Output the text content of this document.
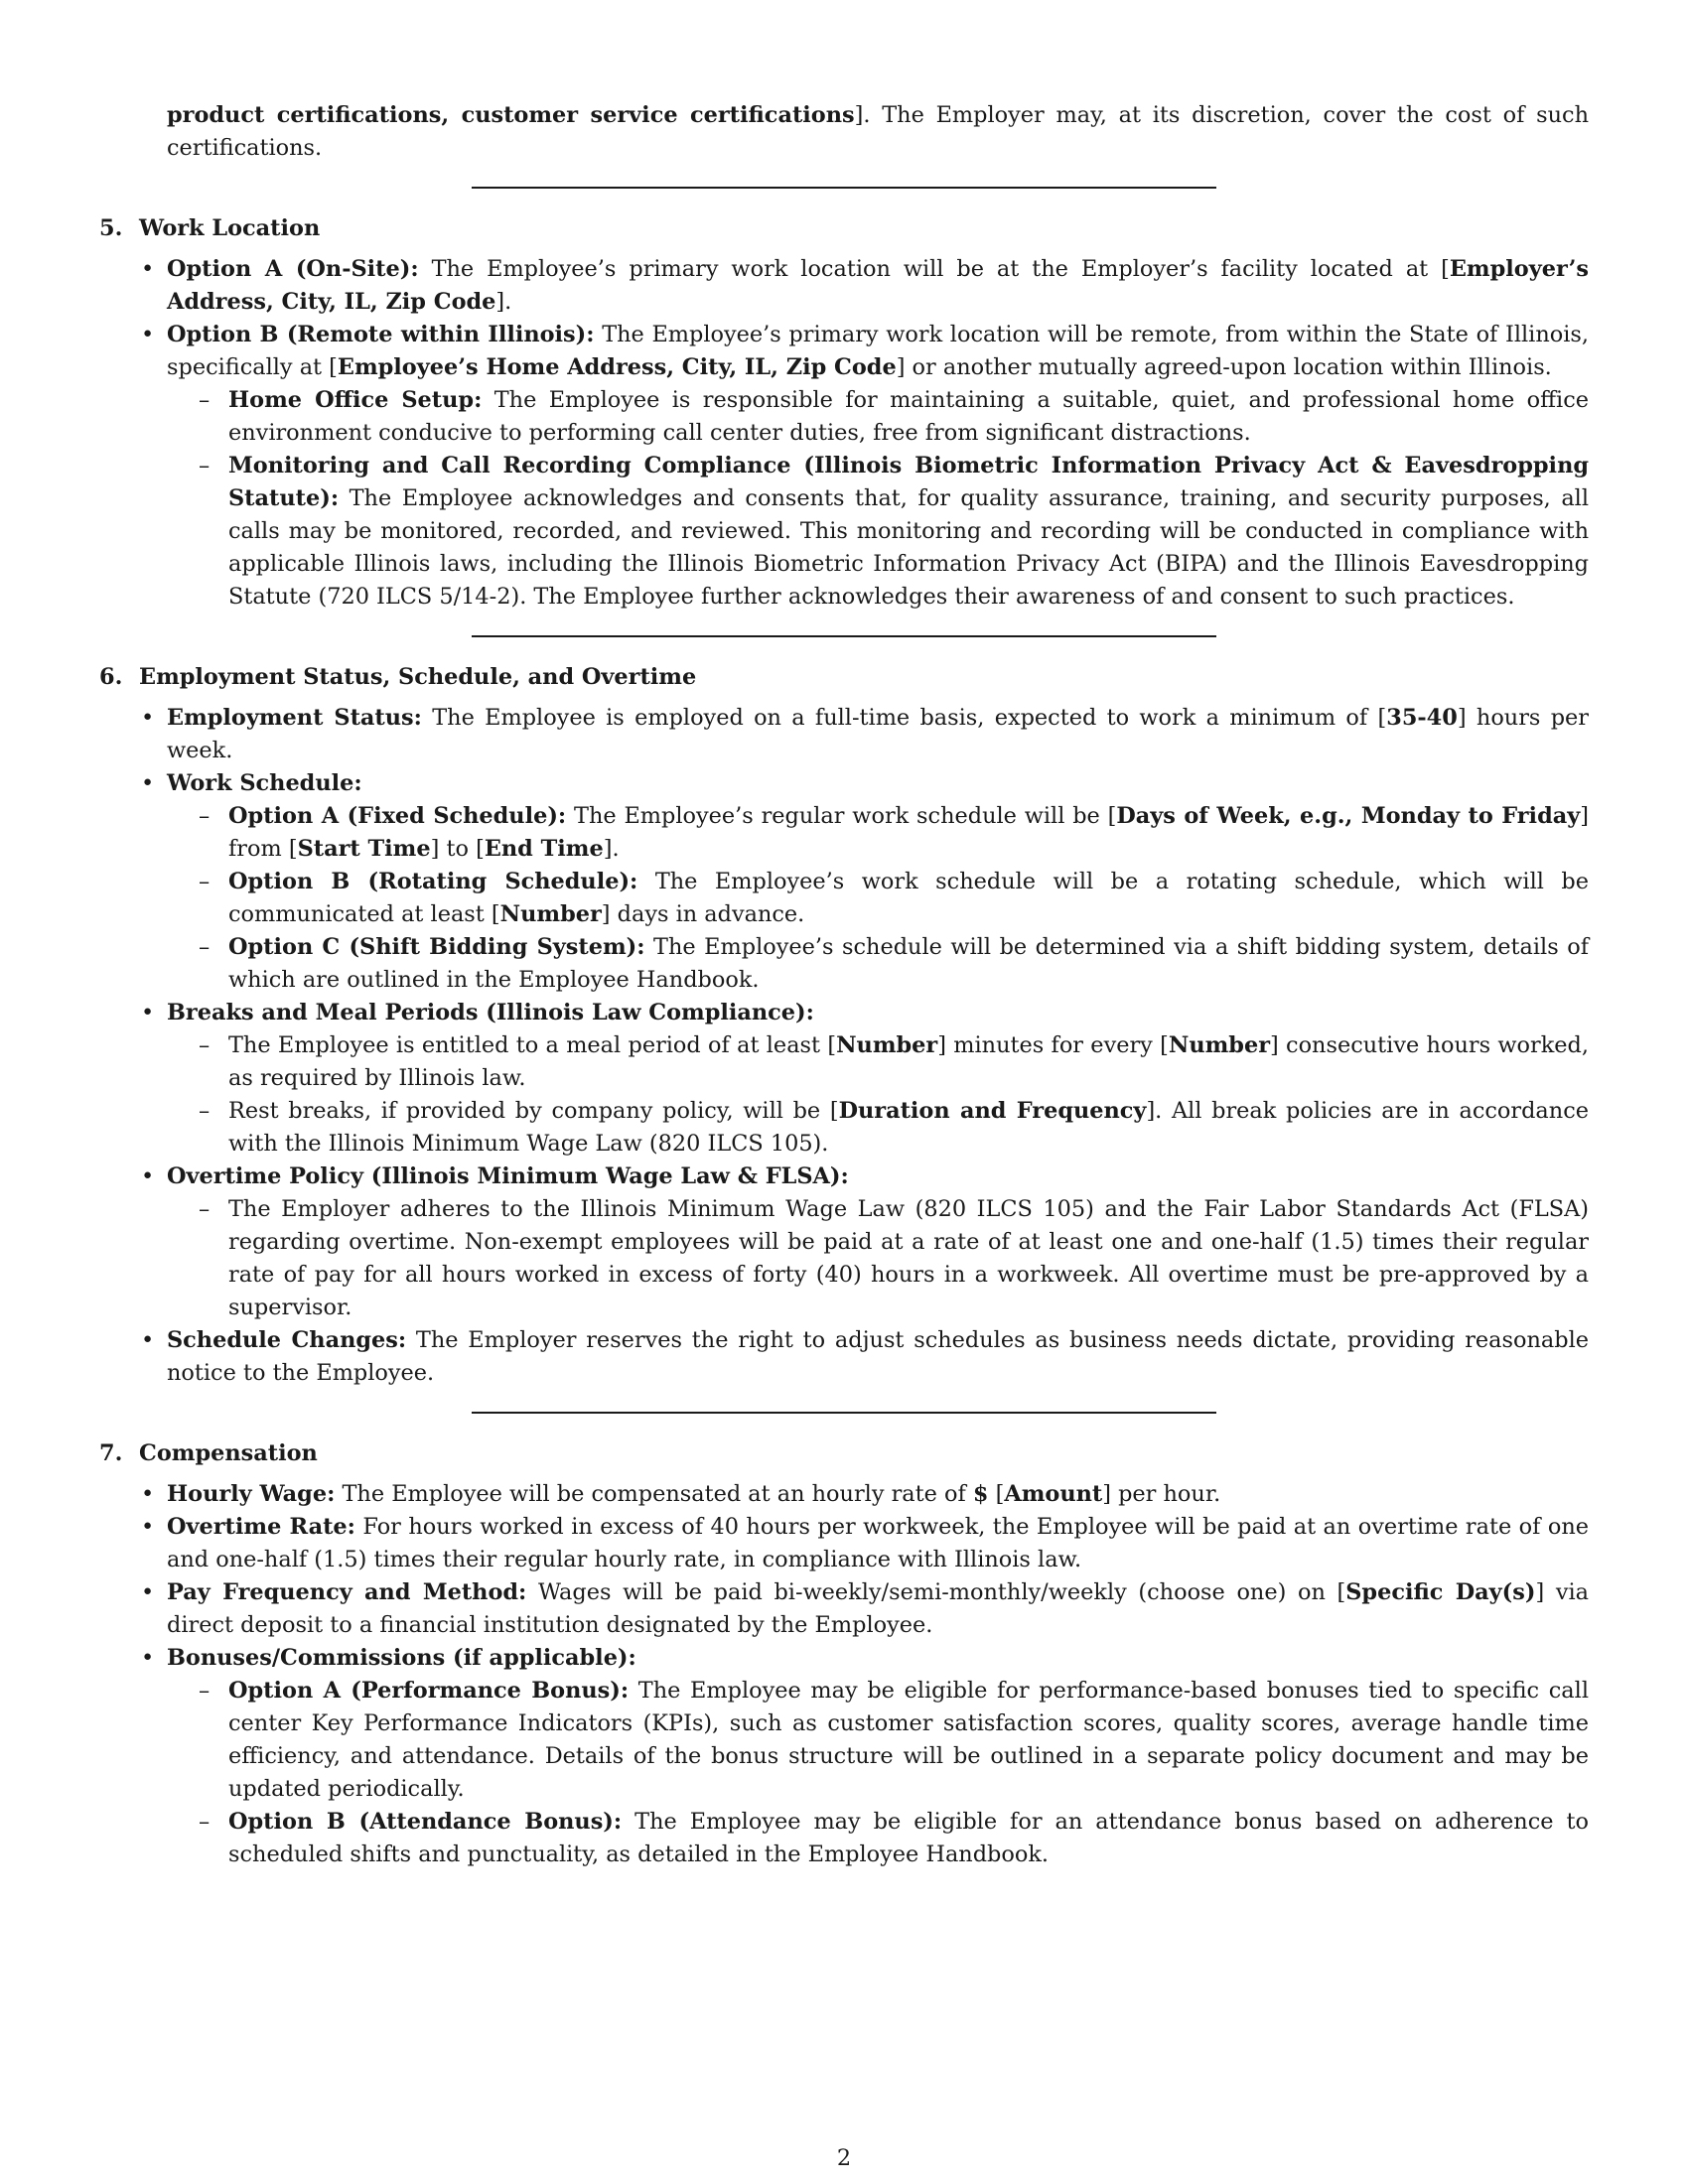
product certifications, customer service certifications]. The Employer may, at its discretion, cover the cost of such certifications.

5. Work Location
• Option A (On-Site): The Employee’s primary work location will be at the Employer’s facility located at [Employer’s Address, City, IL, Zip Code].
• Option B (Remote within Illinois): The Employee’s primary work location will be remote, from within the State of Illinois, specifically at [Employee’s Home Address, City, IL, Zip Code] or another mutually agreed-upon location within Illinois.
– Home Office Setup: The Employee is responsible for maintaining a suitable, quiet, and professional home office environment conducive to performing call center duties, free from significant distractions.
– Monitoring and Call Recording Compliance (Illinois Biometric Information Privacy Act & Eavesdropping Statute): The Employee acknowledges and consents that, for quality assurance, training, and security purposes, all calls may be monitored, recorded, and reviewed. This monitoring and recording will be conducted in compliance with applicable Illinois laws, including the Illinois Biometric Information Privacy Act (BIPA) and the Illinois Eavesdropping Statute (720 ILCS 5/14-2). The Employee further acknowledges their awareness of and consent to such practices.
6. Employment Status, Schedule, and Overtime
• Employment Status: The Employee is employed on a full-time basis, expected to work a minimum of [35-40] hours per week.
• Work Schedule:
– Option A (Fixed Schedule): The Employee’s regular work schedule will be [Days of Week, e.g., Monday to Friday] from [Start Time] to [End Time].
– Option B (Rotating Schedule): The Employee’s work schedule will be a rotating schedule, which will be communicated at least [Number] days in advance.
– Option C (Shift Bidding System): The Employee’s schedule will be determined via a shift bidding system, details of which are outlined in the Employee Handbook.
• Breaks and Meal Periods (Illinois Law Compliance):
– The Employee is entitled to a meal period of at least [Number] minutes for every [Number] consecutive hours worked, as required by Illinois law.
– Rest breaks, if provided by company policy, will be [Duration and Frequency]. All break policies are in accordance with the Illinois Minimum Wage Law (820 ILCS 105).
• Overtime Policy (Illinois Minimum Wage Law & FLSA):
– The Employer adheres to the Illinois Minimum Wage Law (820 ILCS 105) and the Fair Labor Standards Act (FLSA) regarding overtime. Non-exempt employees will be paid at a rate of at least one and one-half (1.5) times their regular rate of pay for all hours worked in excess of forty (40) hours in a workweek. All overtime must be pre-approved by a supervisor.
• Schedule Changes: The Employer reserves the right to adjust schedules as business needs dictate, providing reasonable notice to the Employee.
7. Compensation
• Hourly Wage: The Employee will be compensated at an hourly rate of $ [Amount] per hour.
• Overtime Rate: For hours worked in excess of 40 hours per workweek, the Employee will be paid at an overtime rate of one and one-half (1.5) times their regular hourly rate, in compliance with Illinois law.
• Pay Frequency and Method: Wages will be paid bi-weekly/semi-monthly/weekly (choose one) on [Specific Day(s)] via direct deposit to a financial institution designated by the Employee.
• Bonuses/Commissions (if applicable):
– Option A (Performance Bonus): The Employee may be eligible for performance-based bonuses tied to specific call center Key Performance Indicators (KPIs), such as customer satisfaction scores, quality scores, average handle time efficiency, and attendance. Details of the bonus structure will be outlined in a separate policy document and may be updated periodically.
– Option B (Attendance Bonus): The Employee may be eligible for an attendance bonus based on adherence to scheduled shifts and punctuality, as detailed in the Employee Handbook.
2
